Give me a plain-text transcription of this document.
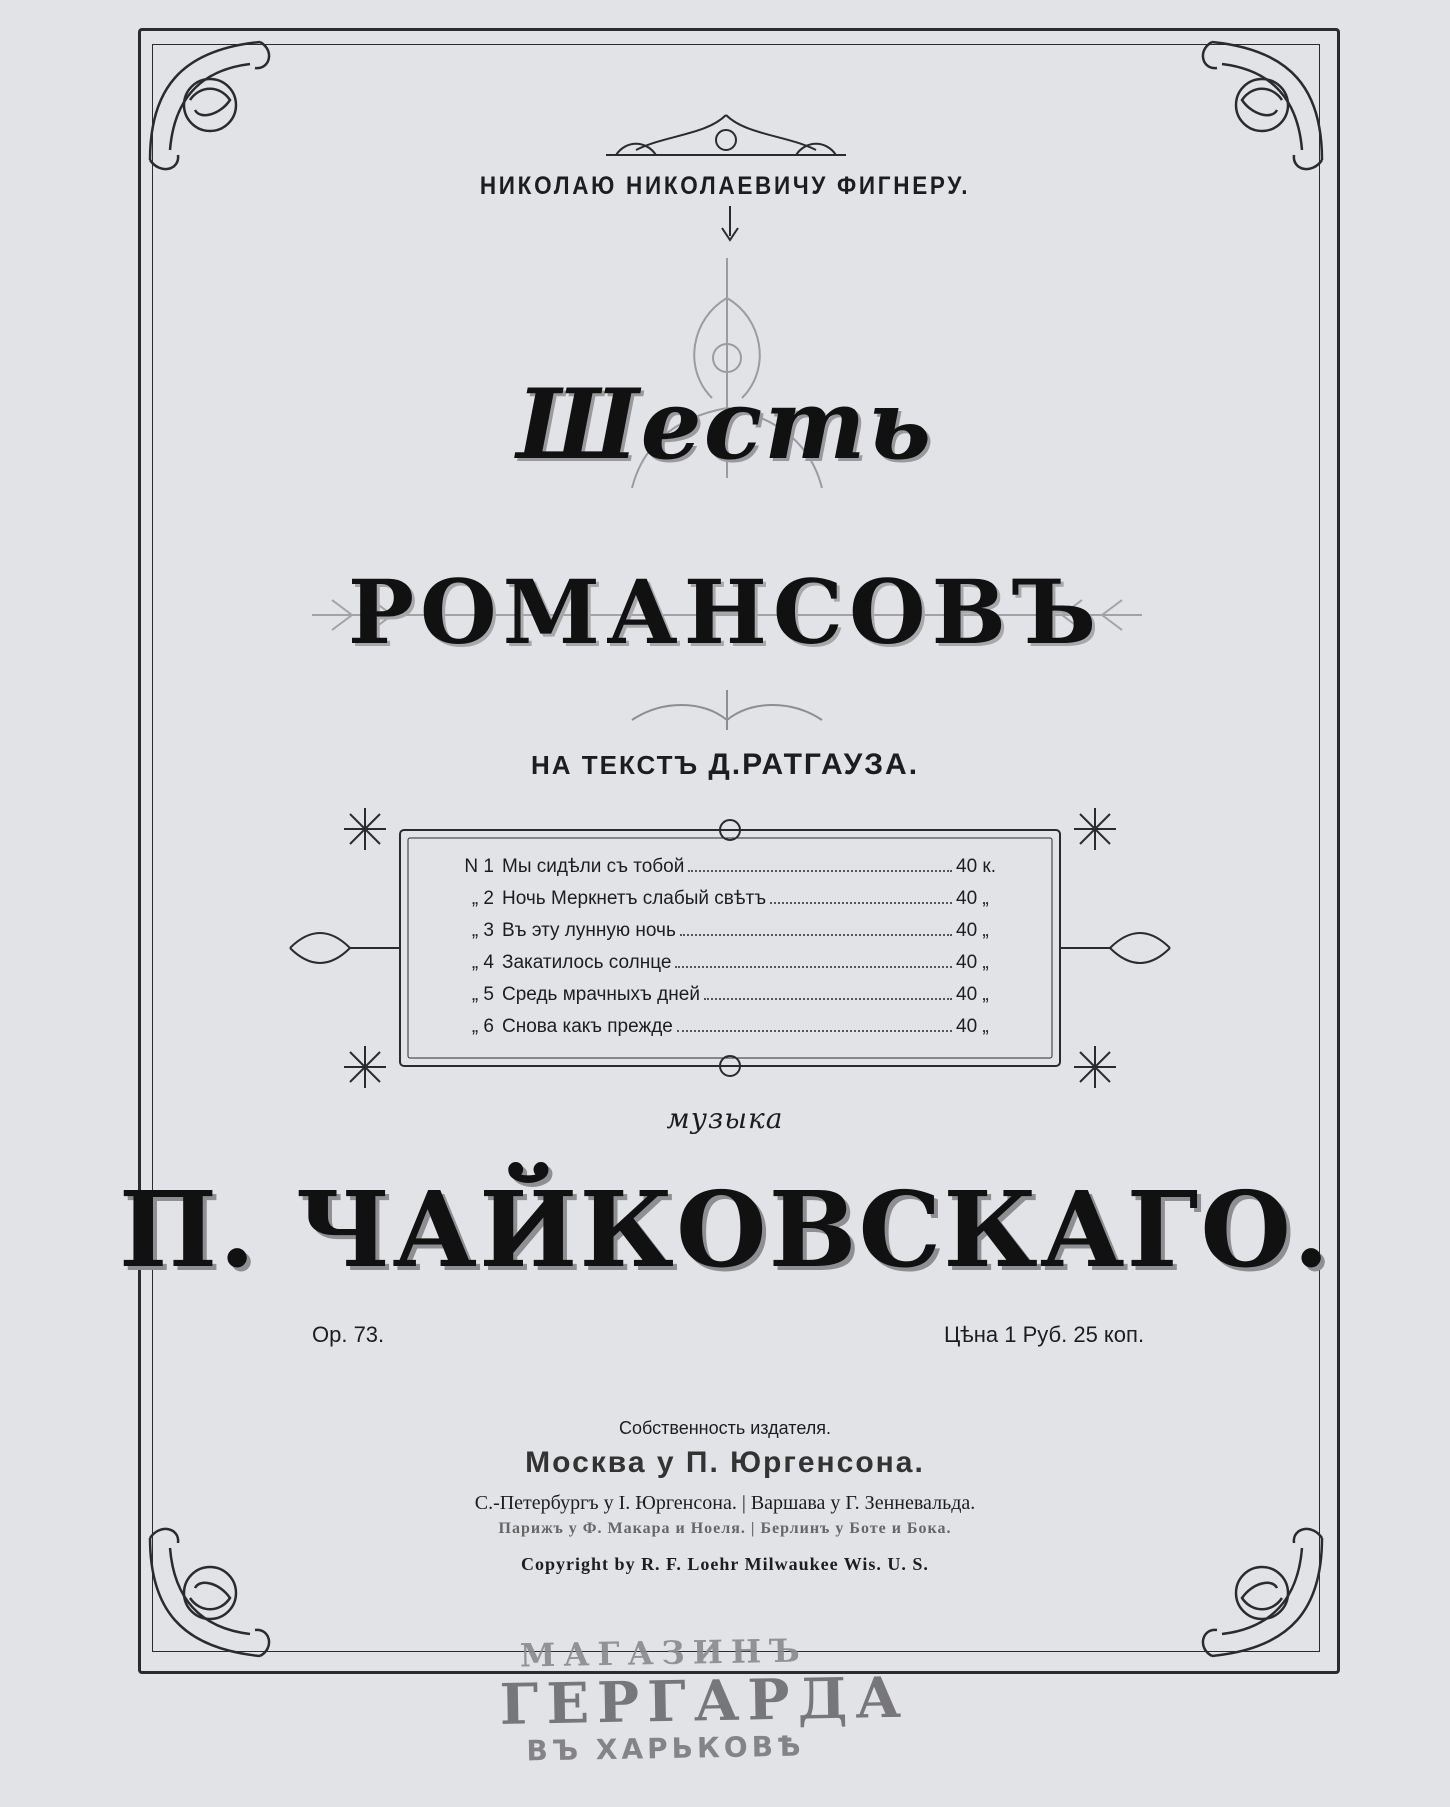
НИКОЛАЮ НИКОЛАЕВИЧУ ФИГНЕРУ.
Шесть
РОМАНСОВЪ
НА ТЕКСТЪ Д.РАТГАУЗА.
N 1 Мы сидѣли съ тобой	40 к.
„ 2 Ночь Меркнетъ слабый свѣтъ	40 „
„ 3 Въ эту лунную ночь	40 „
„ 4 Закатилось солнце	40 „
„ 5 Средь мрачныхъ дней	40 „
„ 6 Снова какъ прежде	40 „
музыка
П. ЧАЙКОВСКАГО.
Op. 73.	Цѣна 1 Руб. 25 коп.
Собственность издателя.
Москва у П. Юргенсона.
С.-Петербургъ у I. Юргенсона. | Варшава у Г. Зенневальда.
Парижъ у Ф. Макара и Ноеля. | Берлинъ у Боте и Бока.
Copyright by R. F. Loehr Milwaukee Wis. U. S.
МАГАЗИНЪ
ГЕРГАРДА
ВЪ ХАРЬКОВѢ
